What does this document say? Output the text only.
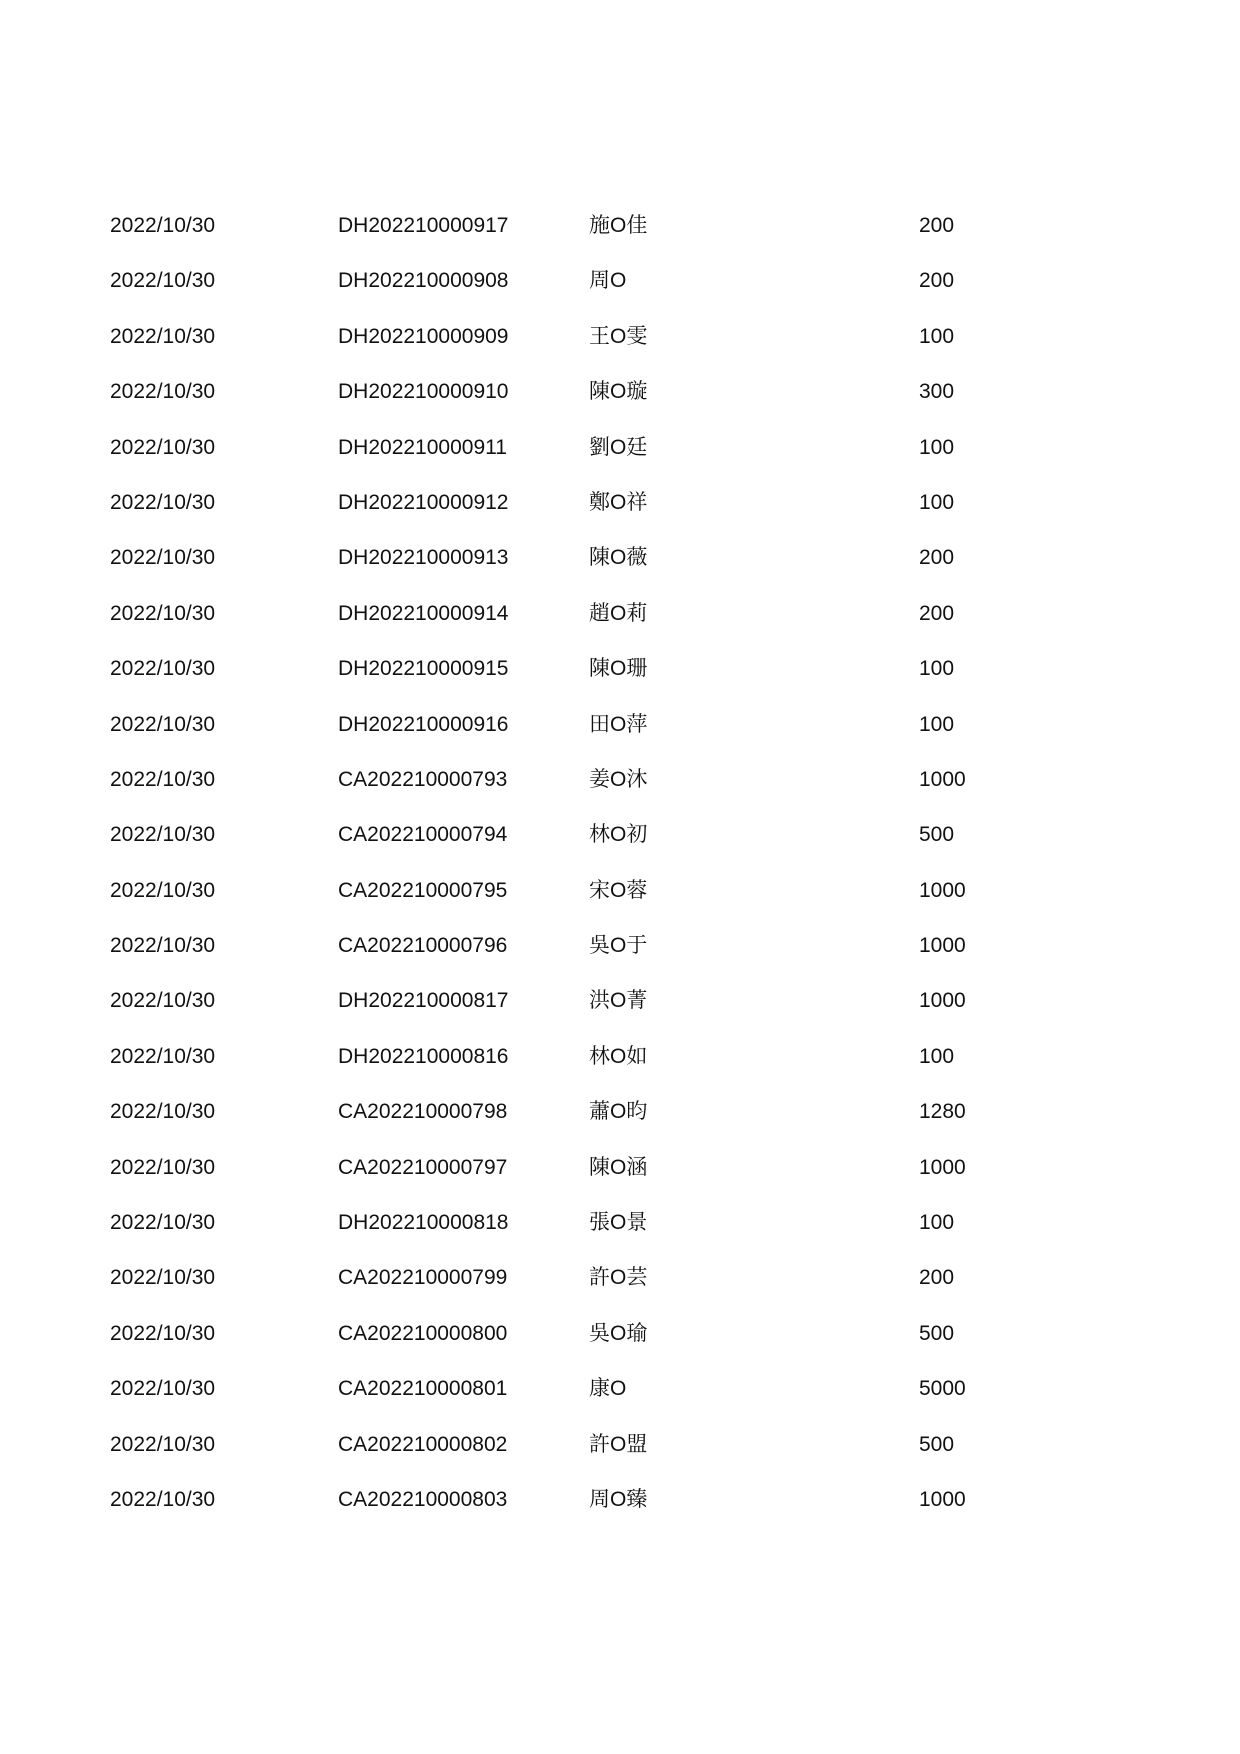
2022/10/30	DH202210000917	施O佳	200
2022/10/30	DH202210000908	周O	200
2022/10/30	DH202210000909	王O雯	100
2022/10/30	DH202210000910	陳O璇	300
2022/10/30	DH202210000911	劉O廷	100
2022/10/30	DH202210000912	鄭O祥	100
2022/10/30	DH202210000913	陳O薇	200
2022/10/30	DH202210000914	趙O莉	200
2022/10/30	DH202210000915	陳O珊	100
2022/10/30	DH202210000916	田O萍	100
2022/10/30	CA202210000793	姜O沐	1000
2022/10/30	CA202210000794	林O初	500
2022/10/30	CA202210000795	宋O蓉	1000
2022/10/30	CA202210000796	吳O于	1000
2022/10/30	DH202210000817	洪O菁	1000
2022/10/30	DH202210000816	林O如	100
2022/10/30	CA202210000798	蕭O昀	1280
2022/10/30	CA202210000797	陳O涵	1000
2022/10/30	DH202210000818	張O景	100
2022/10/30	CA202210000799	許O芸	200
2022/10/30	CA202210000800	吳O瑜	500
2022/10/30	CA202210000801	康O	5000
2022/10/30	CA202210000802	許O盟	500
2022/10/30	CA202210000803	周O臻	1000
